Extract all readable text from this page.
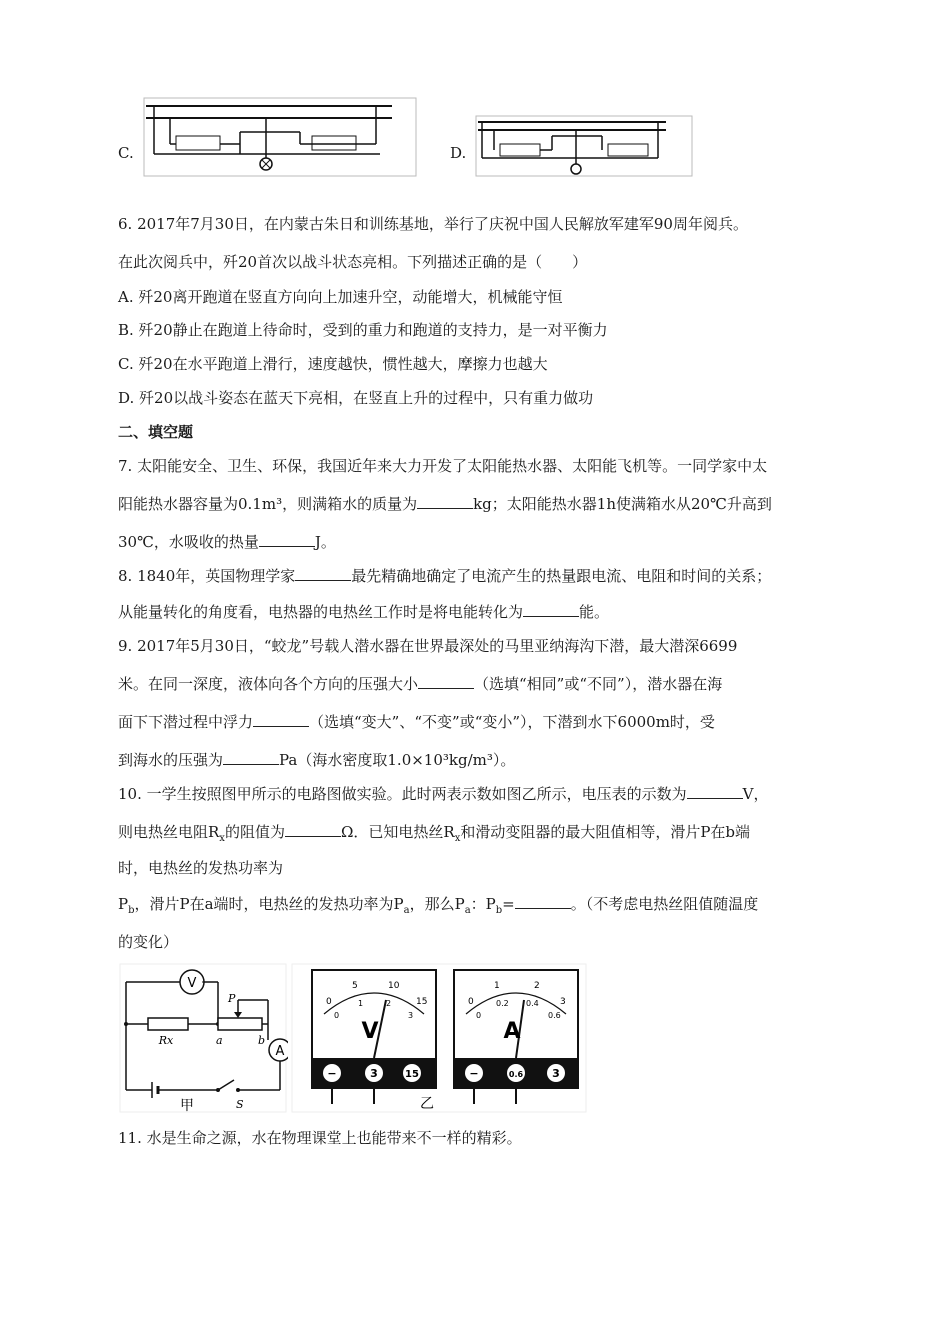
C.	D.
6. 2017年7月30日，在内蒙古朱日和训练基地，举行了庆祝中国人民解放军建军90周年阅兵。
在此次阅兵中，歼20首次以战斗状态亮相。下列描述正确的是（　　）
A. 歼20离开跑道在竖直方向向上加速升空，动能增大，机械能守恒
B. 歼20静止在跑道上待命时，受到的重力和跑道的支持力，是一对平衡力
C. 歼20在水平跑道上滑行，速度越快，惯性越大，摩擦力也越大
D. 歼20以战斗姿态在蓝天下亮相，在竖直上升的过程中，只有重力做功
二、填空题
7. 太阳能安全、卫生、环保，我国近年来大力开发了太阳能热水器、太阳能飞机等。一同学家中太
阳能热水器容量为0.1m³，则满箱水的质量为	kg；太阳能热水器1h使满箱水从20℃升高到
30℃，水吸收的热量	J。
8. 1840年，英国物理学家	最先精确地确定了电流产生的热量跟电流、电阻和时间的关系；
从能量转化的角度看，电热器的电热丝工作时是将电能转化为	能。
9. 2017年5月30日，“蛟龙”号载人潜水器在世界最深处的马里亚纳海沟下潜，最大潜深6699
米。在同一深度，液体向各个方向的压强大小	（选填“相同”或“不同”），潜水器在海
面下下潜过程中浮力	（选填“变大”、“不变”或“变小”），下潜到水下6000m时，受
到海水的压强为	Pa（海水密度取1.0×10³kg/m³）。
10. 一学生按照图甲所示的电路图做实验。此时两表示数如图乙所示，电压表的示数为	V，
则电热丝电阻$R_x$的阻值为	Ω．已知电热丝$R_x$和滑动变阻器的最大阻值相等，滑片P在b端
时，电热丝的发热功率为
$P_b$，滑片P在a端时，电热丝的发热功率为$P_a$，那么$P_a$：$P_b=$	。（不考虑电热丝阻值随温度
的变化）
V
Rx
P
a	b
A
S
甲
0
5	10
15
0
1	2
3
V
−	3	15
0
1	2
3
0
0.2 0.4
0.6
A
−	0.6	3
乙
11. 水是生命之源，水在物理课堂上也能带来不一样的精彩。
